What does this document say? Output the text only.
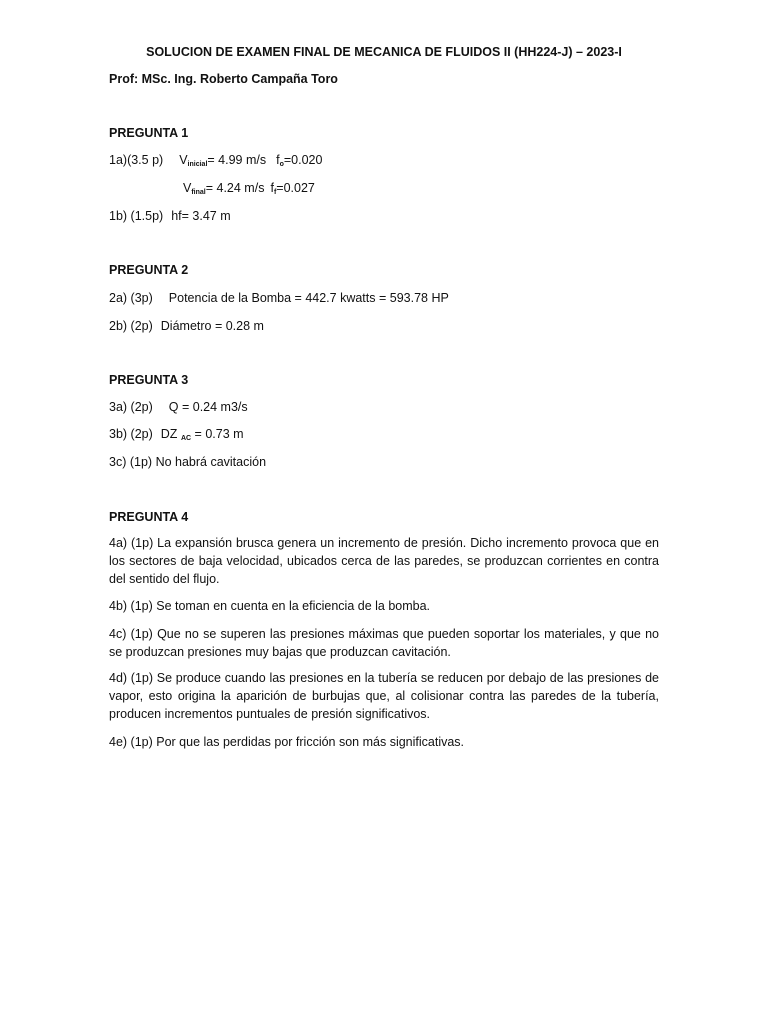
SOLUCION DE EXAMEN FINAL DE MECANICA DE FLUIDOS II (HH224-J) – 2023-I
Prof: MSc. Ing. Roberto Campaña Toro
PREGUNTA 1
1a)(3.5 p) $V_{inicial}= 4.99$ m/s $f_o=0.020$
$V_{final}= 4.24$ m/s $f_f=0.027$
1b) (1.5p) hf= 3.47 m
PREGUNTA 2
2a) (3p) Potencia de la Bomba = 442.7 kwatts = 593.78 HP
2b) (2p) Diámetro = 0.28 m
PREGUNTA 3
3a) (2p) Q = 0.24 m3/s
3b) (2p) DZ $_{AC}$ = 0.73 m
3c) (1p) No habrá cavitación
PREGUNTA 4
4a) (1p) La expansión brusca genera un incremento de presión. Dicho incremento provoca que en los sectores de baja velocidad, ubicados cerca de las paredes, se produzcan corrientes en contra del sentido del flujo.
4b) (1p) Se toman en cuenta en la eficiencia de la bomba.
4c) (1p) Que no se superen las presiones máximas que pueden soportar los materiales, y que no se produzcan presiones muy bajas que produzcan cavitación.
4d) (1p) Se produce cuando las presiones en la tubería se reducen por debajo de las presiones de vapor, esto origina la aparición de burbujas que, al colisionar contra las paredes de la tubería, producen incrementos puntuales de presión significativos.
4e) (1p) Por que las perdidas por fricción son más significativas.
